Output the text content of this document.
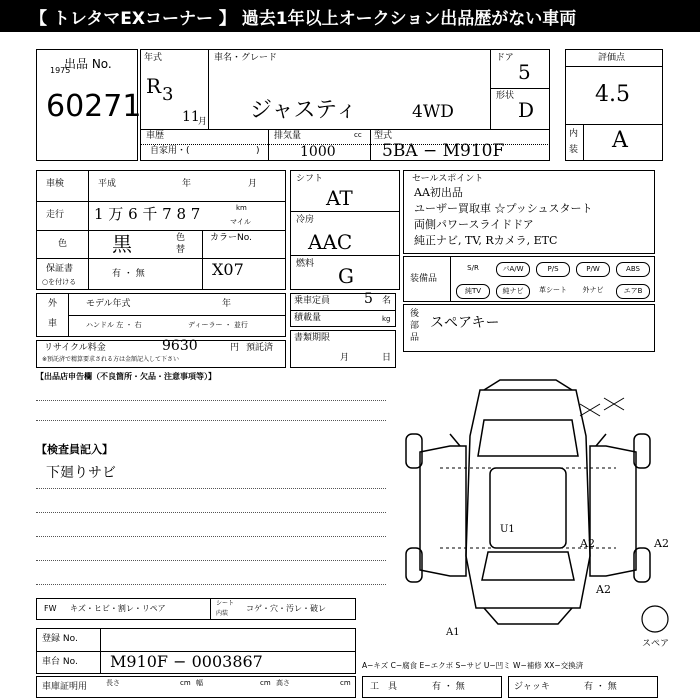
【 トレタマEXコーナー 】 過去1年以上オークション出品歴がない車両
出品 No.
1975
60271
年式
R 3
11
月
車名・グレード
ジャスティ	4WD
ドア
5
形状
D
車歴
自家用・(	)
排気量	cc
1000
型式
5BA − M910F
評価点
4.5
内
装 A
車検	平成	年	月
走行 1 万 6 千 7 8 7	km
マイル
色 黒	色
替
カラーNo.
X07
保証書
○を付ける
有 ・ 無
シフト
AT
冷房
AAC
燃料 G
セールスポイント
AA初出品
ユーザー買取車 ☆プッシュスタート
両側パワースライドドア
純正ナビ, TV, Rカメラ, ETC
装備品
S/R	パA/W	P/S	P/W	ABS
純TV	純ナビ	革シート	外ナビ	エアB
外
車
モデル年式	年
ハンドル 左 ・ 右	ディーラー ・ 並行
乗車定員 5 名
積載量	kg 後
部
品
スペアキー
リサイクル料金	9630	円 預託済
※預託済で精算要求される方は金額記入して下さい
書類期限
月	日
【出品店申告欄（不良箇所・欠品・注意事項等）】
【検査員記入】
下廻りサビ
U1
A2	A2
A2
A1
スペア
A−キズ C−腐食 E−エクボ S−サビ U−凹ミ W−補修 XX−交換済
FW キズ・ヒビ・割レ・リペア
シート
内装
コゲ・穴・汚レ・破レ
登録 No.
車台 No. M910F − 0003867
車庫証明用	長さ	幅	高さ
cm	cm	cm 工　具	有 ・ 無	ジャッキ	有 ・ 無
